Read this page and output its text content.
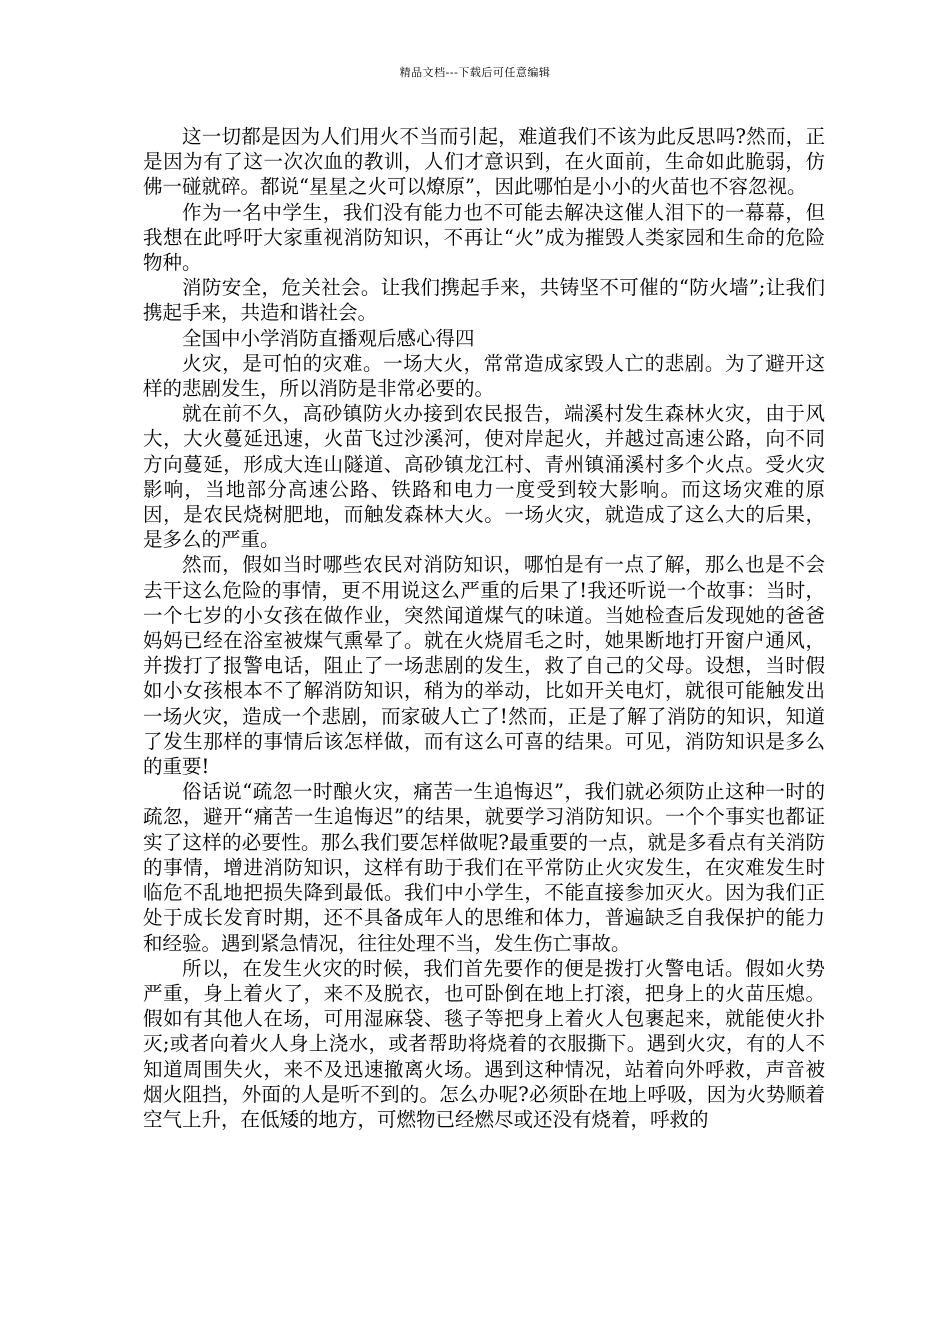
精品文档---下载后可任意编辑

这一切都是因为人们用火不当而引起，难道我们不该为此反思吗?然而，正是因为有了这一次次血的教训，人们才意识到，在火面前，生命如此脆弱，仿佛一碰就碎。都说“星星之火可以燎原”，因此哪怕是小小的火苗也不容忽视。

作为一名中学生，我们没有能力也不可能去解决这催人泪下的一幕幕，但我想在此呼吁大家重视消防知识，不再让“火”成为摧毁人类家园和生命的危险物种。

消防安全，危关社会。让我们携起手来，共铸坚不可催的“防火墙”;让我们携起手来，共造和谐社会。

全国中小学消防直播观后感心得四

火灾，是可怕的灾难。一场大火，常常造成家毁人亡的悲剧。为了避开这样的悲剧发生，所以消防是非常必要的。

就在前不久，高砂镇防火办接到农民报告，端溪村发生森林火灾，由于风大，大火蔓延迅速，火苗飞过沙溪河，使对岸起火，并越过高速公路，向不同方向蔓延，形成大连山隧道、高砂镇龙江村、青州镇涌溪村多个火点。受火灾影响，当地部分高速公路、铁路和电力一度受到较大影响。而这场灾难的原因，是农民烧树肥地，而触发森林大火。一场火灾，就造成了这么大的后果，是多么的严重。

然而，假如当时哪些农民对消防知识，哪怕是有一点了解，那么也是不会去干这么危险的事情，更不用说这么严重的后果了!我还听说一个故事：当时，一个七岁的小女孩在做作业，突然闻道煤气的味道。当她检查后发现她的爸爸妈妈已经在浴室被煤气熏晕了。就在火烧眉毛之时，她果断地打开窗户通风，并拨打了报警电话，阻止了一场悲剧的发生，救了自己的父母。设想，当时假如小女孩根本不了解消防知识，稍为的举动，比如开关电灯，就很可能触发出一场火灾，造成一个悲剧，而家破人亡了!然而，正是了解了消防的知识，知道了发生那样的事情后该怎样做，而有这么可喜的结果。可见，消防知识是多么的重要!

俗话说“疏忽一时酿火灾，痛苦一生追悔迟”，我们就必须防止这种一时的疏忽，避开“痛苦一生追悔迟”的结果，就要学习消防知识。一个个事实也都证实了这样的必要性。那么我们要怎样做呢?最重要的一点，就是多看点有关消防的事情，增进消防知识，这样有助于我们在平常防止火灾发生，在灾难发生时临危不乱地把损失降到最低。我们中小学生，不能直接参加灭火。因为我们正处于成长发育时期，还不具备成年人的思维和体力，普遍缺乏自我保护的能力和经验。遇到紧急情况，往往处理不当，发生伤亡事故。

所以，在发生火灾的时候，我们首先要作的便是拨打火警电话。假如火势严重，身上着火了，来不及脱衣，也可卧倒在地上打滚，把身上的火苗压熄。假如有其他人在场，可用湿麻袋、毯子等把身上着火人包裹起来，就能使火扑灭;或者向着火人身上浇水，或者帮助将烧着的衣服撕下。遇到火灾，有的人不知道周围失火，来不及迅速撤离火场。遇到这种情况，站着向外呼救，声音被烟火阻挡，外面的人是听不到的。怎么办呢?必须卧在地上呼吸，因为火势顺着空气上升，在低矮的地方，可燃物已经燃尽或还没有烧着，呼救的
